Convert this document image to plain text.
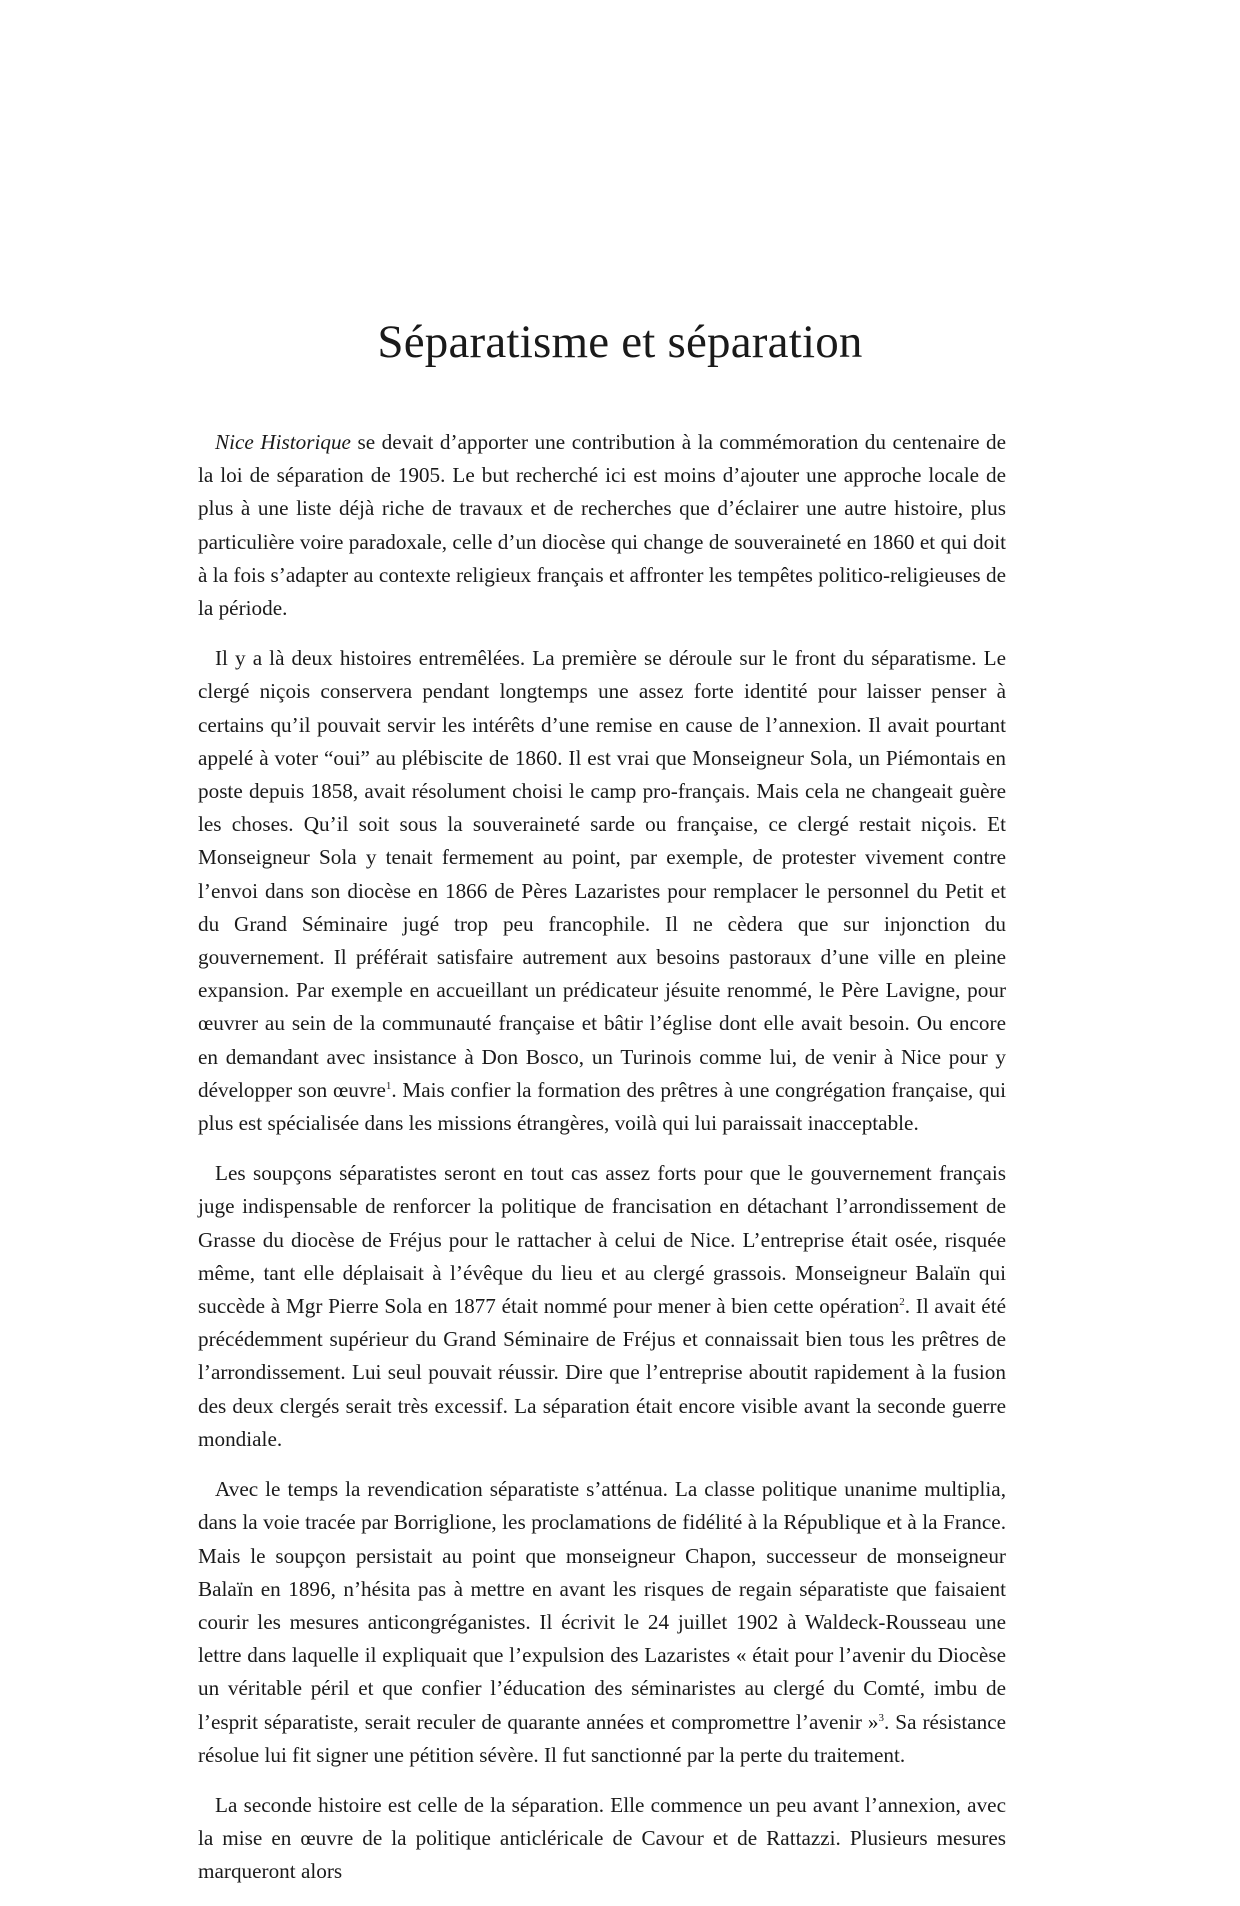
Séparatisme et séparation

Nice Historique se devait d’apporter une contribution à la commémoration du centenaire de la loi de séparation de 1905. Le but recherché ici est moins d’ajouter une approche locale de plus à une liste déjà riche de travaux et de recherches que d’éclairer une autre histoire, plus particulière voire paradoxale, celle d’un diocèse qui change de souveraineté en 1860 et qui doit à la fois s’adapter au contexte religieux français et affronter les tempêtes politico-religieuses de la période.

Il y a là deux histoires entremêlées. La première se déroule sur le front du séparatisme. Le clergé niçois conservera pendant longtemps une assez forte identité pour laisser penser à certains qu’il pouvait servir les intérêts d’une remise en cause de l’annexion. Il avait pourtant appelé à voter “oui” au plébiscite de 1860. Il est vrai que Monseigneur Sola, un Piémontais en poste depuis 1858, avait résolument choisi le camp pro-français. Mais cela ne changeait guère les choses. Qu’il soit sous la souveraineté sarde ou française, ce clergé restait niçois. Et Monseigneur Sola y tenait fermement au point, par exemple, de protester vivement contre l’envoi dans son diocèse en 1866 de Pères Lazaristes pour remplacer le personnel du Petit et du Grand Séminaire jugé trop peu francophile. Il ne cèdera que sur injonction du gouvernement. Il préférait satisfaire autrement aux besoins pastoraux d’une ville en pleine expansion. Par exemple en accueillant un prédicateur jésuite renommé, le Père Lavigne, pour œuvrer au sein de la communauté française et bâtir l’église dont elle avait besoin. Ou encore en demandant avec insistance à Don Bosco, un Turinois comme lui, de venir à Nice pour y développer son œuvre$^1$. Mais confier la formation des prêtres à une congrégation française, qui plus est spécialisée dans les missions étrangères, voilà qui lui paraissait inacceptable.

Les soupçons séparatistes seront en tout cas assez forts pour que le gouvernement français juge indispensable de renforcer la politique de francisation en détachant l’arrondissement de Grasse du diocèse de Fréjus pour le rattacher à celui de Nice. L’entreprise était osée, risquée même, tant elle déplaisait à l’évêque du lieu et au clergé grassois. Monseigneur Balaïn qui succède à Mgr Pierre Sola en 1877 était nommé pour mener à bien cette opération$^2$. Il avait été précédemment supérieur du Grand Séminaire de Fréjus et connaissait bien tous les prêtres de l’arrondissement. Lui seul pouvait réussir. Dire que l’entreprise aboutit rapidement à la fusion des deux clergés serait très excessif. La séparation était encore visible avant la seconde guerre mondiale.

Avec le temps la revendication séparatiste s’atténua. La classe politique unanime multiplia, dans la voie tracée par Borriglione, les proclamations de fidélité à la République et à la France. Mais le soupçon persistait au point que monseigneur Chapon, successeur de monseigneur Balaïn en 1896, n’hésita pas à mettre en avant les risques de regain séparatiste que faisaient courir les mesures anticongréganistes. Il écrivit le 24 juillet 1902 à Waldeck-Rousseau une lettre dans laquelle il expliquait que l’expulsion des Lazaristes « était pour l’avenir du Diocèse un véritable péril et que confier l’éducation des séminaristes au clergé du Comté, imbu de l’esprit séparatiste, serait reculer de quarante années et compromettre l’avenir »$^3$. Sa résistance résolue lui fit signer une pétition sévère. Il fut sanctionné par la perte du traitement.

La seconde histoire est celle de la séparation. Elle commence un peu avant l’annexion, avec la mise en œuvre de la politique anticléricale de Cavour et de Rattazzi. Plusieurs mesures marqueront alors
